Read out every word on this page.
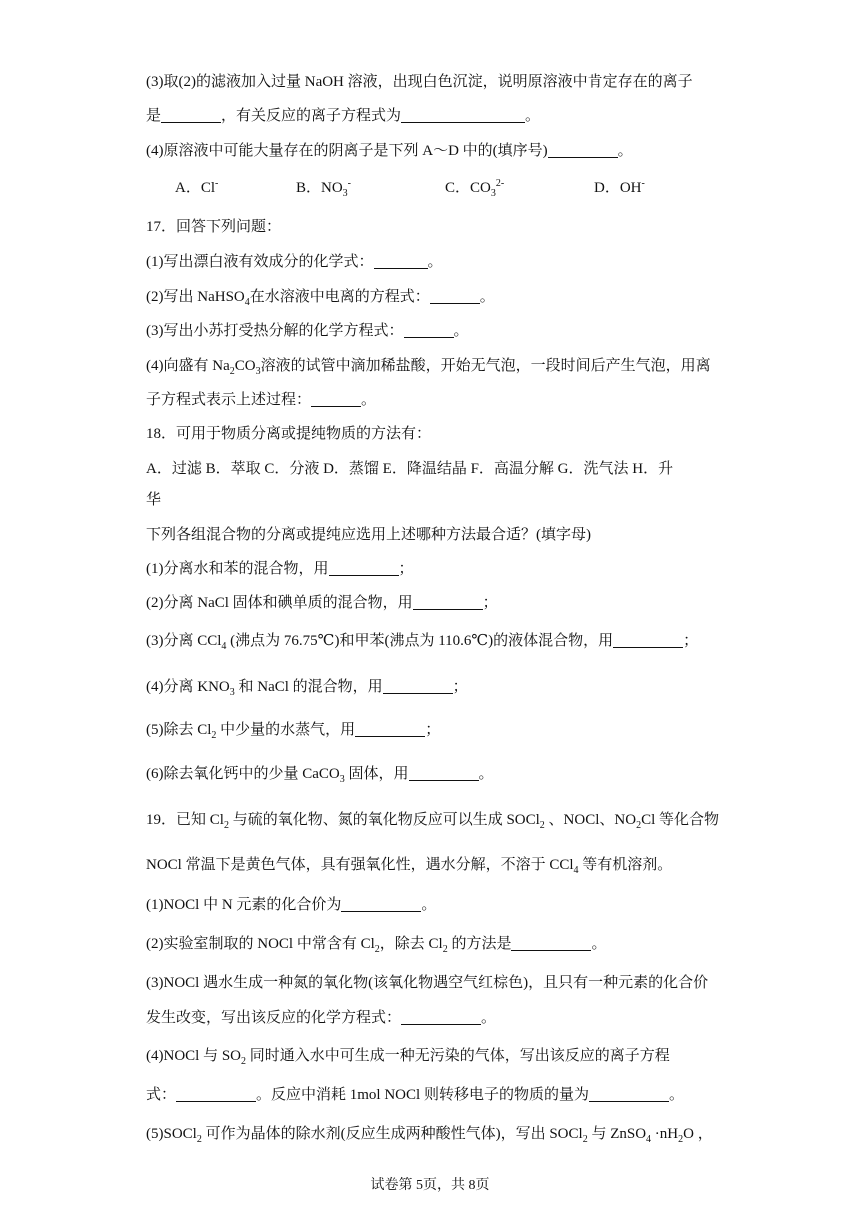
(3)取(2)的滤液加入过量 NaOH 溶液，出现白色沉淀，说明原溶液中肯定存在的离子
是	，有关反应的离子方程式为	。
(4)原溶液中可能大量存在的阴离子是下列 A～D 中的(填序号)	。
A．Cl-	B．$NO_3^-$	C．$CO_3^{2-}$	D．OH-
17．回答下列问题：
(1)写出漂白液有效成分的化学式：	。
(2)写出 NaHSO$_4$在水溶液中电离的方程式：	。
(3)写出小苏打受热分解的化学方程式：	。
(4)向盛有 $Na_2CO_3$溶液的试管中滴加稀盐酸，开始无气泡，一段时间后产生气泡，用离
子方程式表示上述过程：	。
18．可用于物质分离或提纯物质的方法有：
A．过滤 B．萃取 C．分液 D．蒸馏 E．降温结晶 F．高温分解 G．洗气法 H．升
华
下列各组混合物的分离或提纯应选用上述哪种方法最合适？(填字母)
(1)分离水和苯的混合物，用	；
(2)分离 NaCl 固体和碘单质的混合物，用	；
(3)分离 CCl$_4$ (沸点为 76.75℃)和甲苯(沸点为 110.6℃)的液体混合物，用	；
(4)分离 $KNO_3$ 和 NaCl 的混合物，用	；
(5)除去 $Cl_2$ 中少量的水蒸气，用	；
(6)除去氧化钙中的少量 CaCO$_3$ 固体，用	。
19．已知 $Cl_2$ 与硫的氧化物、氮的氧化物反应可以生成 SOCl$_2$ 、NOCl、$NO_2Cl$ 等化合物
NOCl 常温下是黄色气体，具有强氧化性，遇水分解，不溶于 CCl$_4$ 等有机溶剂。
(1)NOCl 中 N 元素的化合价为	。
(2)实验室制取的 NOCl 中常含有 $Cl_2$，除去 $Cl_2$ 的方法是	。
(3)NOCl 遇水生成一种氮的氧化物(该氧化物遇空气红棕色)，且只有一种元素的化合价
发生改变，写出该反应的化学方程式：	。
(4)NOCl 与 $SO_2$ 同时通入水中可生成一种无污染的气体，写出该反应的离子方程
式：	。反应中消耗 1mol NOCl 则转移电子的物质的量为	。
(5)SOCl$_2$ 可作为晶体的除水剂(反应生成两种酸性气体)，写出 SOCl$_2$ 与 ZnSO$_4$ $\cdot nH_2O$ ，
试卷第 5页，共 8页
